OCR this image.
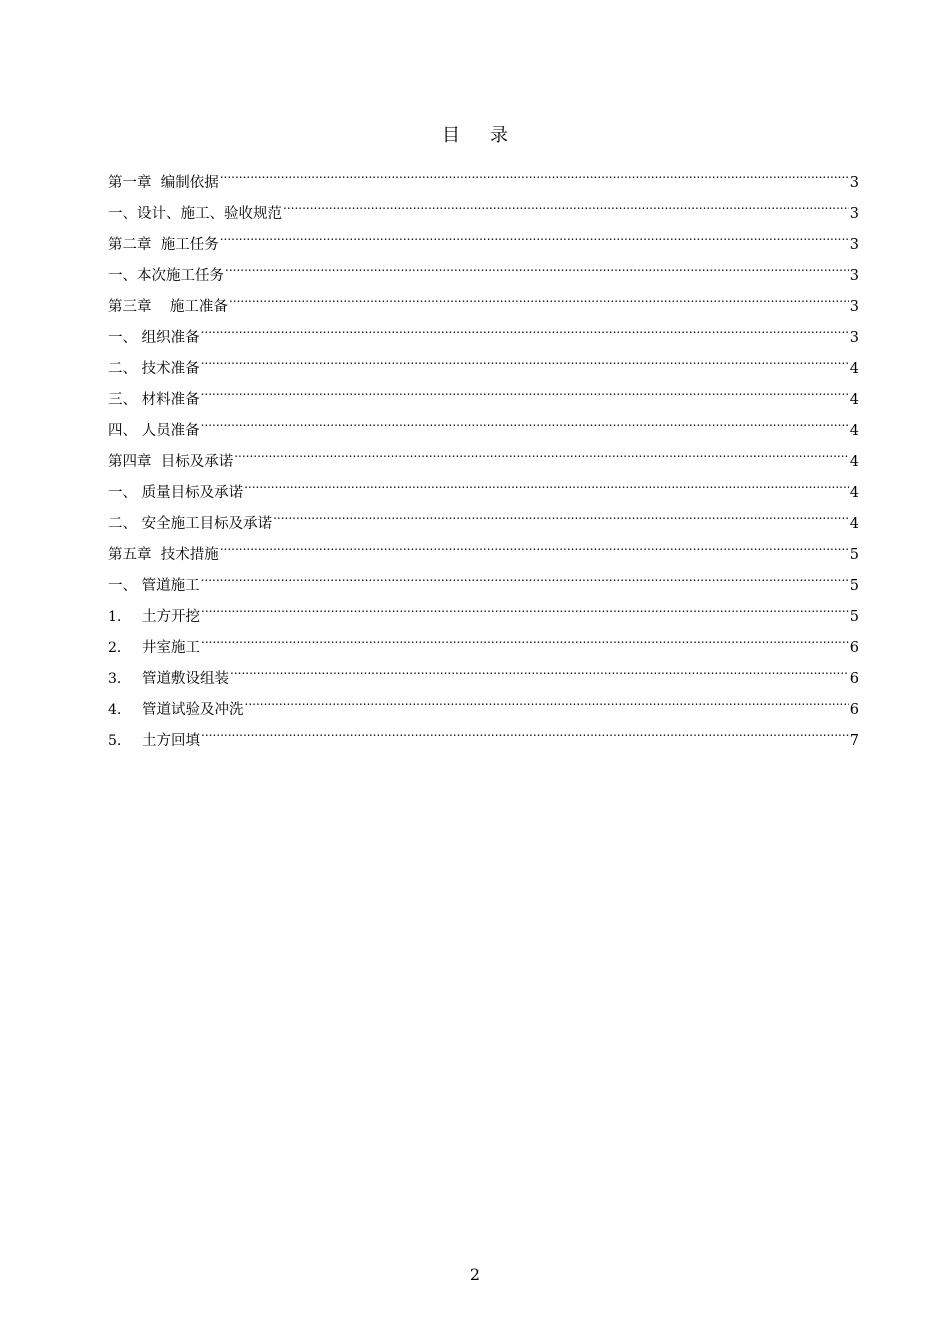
目 录
第一章  编制依据 .....	3
一、设计、施工、验收规范 .....	3
第二章  施工任务 .....	3
一、本次施工任务 .....	3
第三章    施工准备 .....	3
一、 组织准备 .....	3
二、 技术准备 .....	4
三、 材料准备 .....	4
四、 人员准备 .....	4
第四章  目标及承诺 .....	4
一、 质量目标及承诺 .....	4
二、 安全施工目标及承诺 .....	4
第五章  技术措施 .....	5
一、 管道施工 .....	5
1.	土方开挖 .....	5
2.	井室施工 .....	6
3.	管道敷设组装 .....	6
4.	管道试验及冲洗 .....	6
5.	土方回填 .....	7
2
